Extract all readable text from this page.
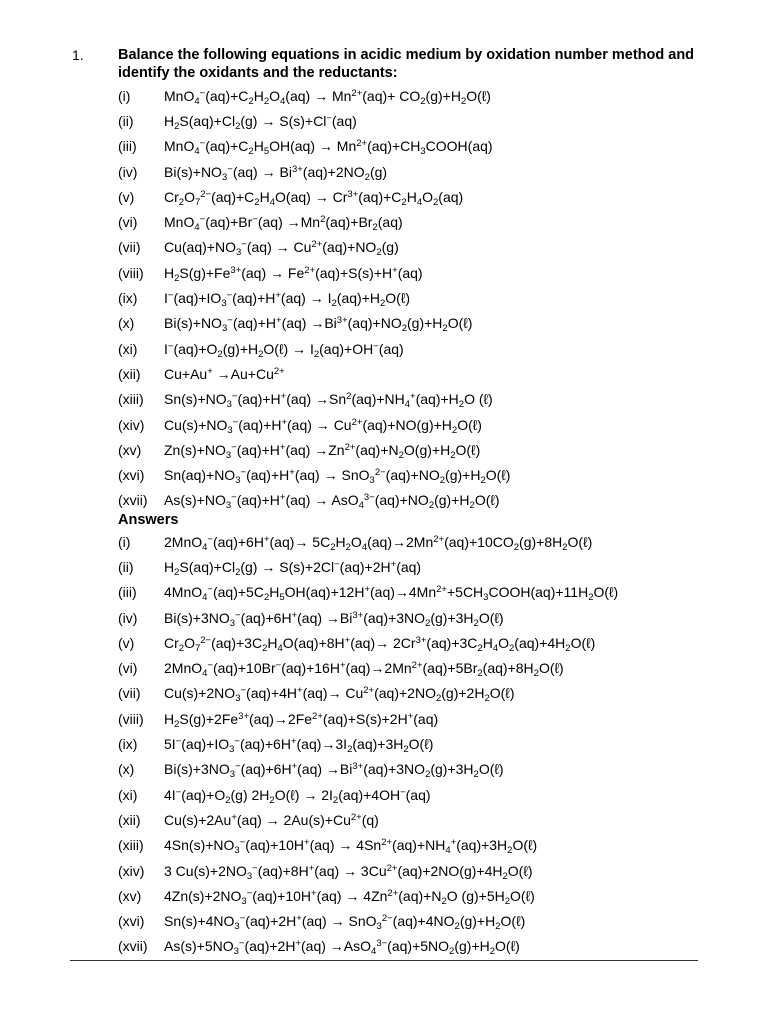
1. Balance the following equations in acidic medium by oxidation number method and identify the oxidants and the reductants:

(i)	$MnO_4^-(aq)+C_2H_2O_4(aq) \to Mn^{2+}(aq)+$ $CO_2(g)+H_2O(\ell)$
(ii)	$H_2S(aq)+Cl_2(g) \to S(s)+Cl^-(aq)$
(iii)	$MnO_4^-(aq)+C_2H_5OH(aq)$ → $Mn^{2+}(aq)+CH_3COOH(aq)$
(iv)	$Bi(s)+NO_3^-(aq) \to Bi^{3+}(aq)+2NO_2(g)$
(v)	$Cr_2O_7^{2-}(aq)+C_2H_4O(aq) \to Cr^{3+}(aq)+C_2H_4O_2(aq)$
(vi)	$MnO_4^-(aq)+Br^-(aq) \to Mn^2(aq)+Br_2(aq)$
(vii)	$Cu(aq)+NO_3^-(aq) \to Cu^{2+}(aq)+NO_2(g)$
(viii)	$H_2S(g)+Fe^{3+}(aq) \to Fe^{2+}(aq)+S(s)+H^+(aq)$
(ix)	$I^-(aq)+IO_3^-(aq)+H^+(aq)$ → $I_2(aq)+H_2O(\ell)$
(x)	$Bi(s)+NO_3^-(aq)+H^+(aq)$ $\to Bi^{3+}(aq)+NO_2(g)+H_2O(\ell)$
(xi)	$I^-(aq)+O_2(g)+H_2O(\ell) \to I_2(aq)+OH^-(aq)$
(xii)	$Cu+Au^+ \to Au+Cu^{2+}$
(xiii)	$Sn(s)+NO_3^-(aq)+H^+(aq) \to Sn^2(aq)+NH_4^+(aq)+H_2O$ (ℓ)
(xiv)	$Cu(s)+NO_3^-(aq)+H^+(aq)$ → $Cu^{2+}(aq)+NO(g)+H_2O(\ell)$
(xv)	$Zn(s)+NO_3^-(aq)+H^+(aq)$ $\to Zn^{2+}(aq)+N_2O(g)+H_2O(\ell)$
(xvi)	$Sn(aq)+NO_3^-(aq)+H^+(aq)$ → $SnO_3^{2-}(aq)+NO_2(g)+H_2O(\ell)$
(xvii)	$As(s)+NO_3^-(aq)+H^+(aq)$ → $AsO_4^{3-}(aq)+NO_2(g)+H_2O(\ell)$

Answers

(i)	$2MnO_4^-(aq)+6H^+(aq)\to 5C_2H_2O_4(aq)\to 2Mn^{2+}(aq)+10CO_2(g)+8H_2O(\ell)$
(ii)	$H_2S(aq)+Cl_2(g) \to S(s)+2Cl^-(aq)+2H^+(aq)$
(iii)	$4MnO_4^-(aq)+5C_2H_5OH(aq)+12H^+(aq)\to 4Mn^{2+}+5CH_3COOH(aq)+11H_2O(\ell)$
(iv)	$Bi(s)+3NO_3^-(aq)+6H^+(aq)$ $\to Bi^{3+}(aq)+3NO_2(g)+3H_2O(\ell)$
(v)	$Cr_2O_7^{2-}(aq)+3C_2H_4O(aq)+8H^+(aq)\to$ $2Cr^{3+}(aq)+3C_2H_4O_2(aq)+4H_2O(\ell)$
(vi)	$2MnO_4^-(aq)+10Br^-(aq)+16H^+(aq)\to 2Mn^{2+}(aq)+5Br_2(aq)+8H_2O(\ell)$
(vii)	$Cu(s)+2NO_3^-(aq)+4H^+(aq)\to$ $Cu^{2+}(aq)+2NO_2(g)+2H_2O(\ell)$
(viii)	$H_2S(g)+2Fe^{3+}(aq)\to 2Fe^{2+}(aq)+S(s)+2H^+(aq)$
(ix)	$5I^-(aq)+IO_3^-(aq)+6H^+(aq)\to 3I_2(aq)+3H_2O(\ell)$
(x)	$Bi(s)+3NO_3^-(aq)+6H^+(aq)$ $\to Bi^{3+}(aq)+3NO_2(g)+3H_2O(\ell)$
(xi)	$4I^-(aq)+O_2(g)$ $2H_2O(\ell) \to 2I_2(aq)+4OH^-(aq)$
(xii)	$Cu(s)+2Au^+(aq) \to 2Au(s)+Cu^{2+}(q)$
(xiii)	$4Sn(s)+NO_3^-(aq)+10H^+(aq)$ → $4Sn^{2+}(aq)+NH_4^+(aq)+3H_2O(\ell)$
(xiv)	3 $Cu(s)+2NO_3^-(aq)+8H^+(aq)$ → $3Cu^{2+}(aq)+2NO(g)+4H_2O(\ell)$
(xv)	$4Zn(s)+2NO_3^-(aq)+10H^+(aq) \to 4Zn^{2+}(aq)+N_2O$ $(g)+5H_2O(\ell)$
(xvi)	$Sn(s)+4NO_3^-(aq)+2H^+(aq)$ → $SnO_3^{2-}(aq)+4NO_2(g)+H_2O(\ell)$
(xvii)	$As(s)+5NO_3^-(aq)+2H^+(aq)$ $\to AsO_4^{3-}(aq)+5NO_2(g)+H_2O(\ell)$
